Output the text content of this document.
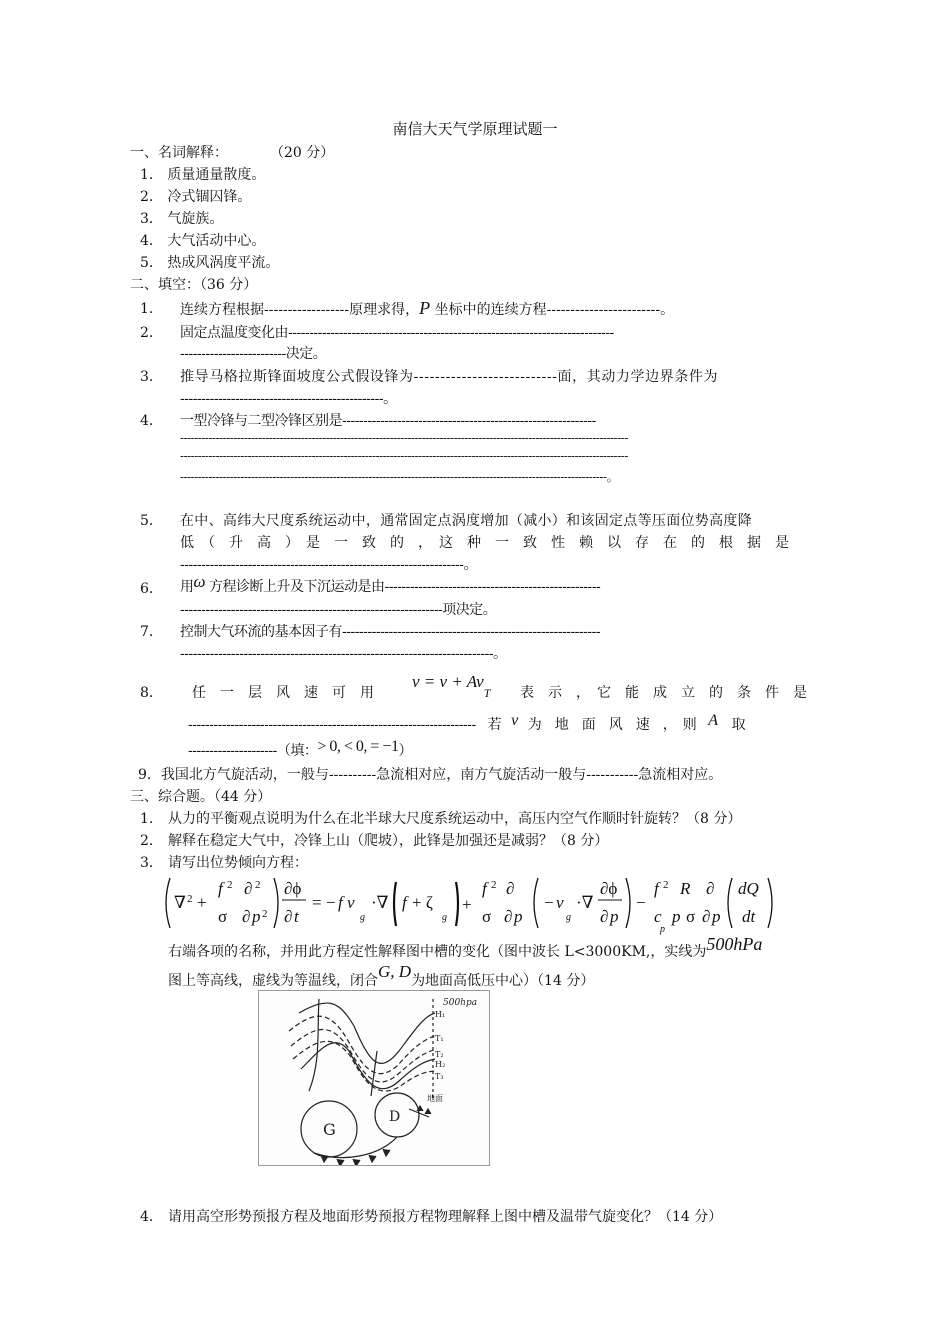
南信大天气学原理试题一
一、名词解释：	（20 分）
1． 质量通量散度。
2． 冷式锢囚锋。
3． 气旋族。
4． 大气活动中心。
5． 热成风涡度平流。
二、填空：（36 分）
1． 连续方程根据------------------原理求得，P 坐标中的连续方程------------------------。
2． 固定点温度变化由-----------------------------------------------------------------------------
-------------------------决定。
3． 推导马格拉斯锋面坡度公式假设锋为---------------------------面，其动力学边界条件为
------------------------------------------------。
4． 一型冷锋与二型冷锋区别是------------------------------------------------------------
------------------------------------------------------------------------------------------------------------------------------
------------------------------------------------------------------------------------------------------------------------------
------------------------------------------------------------------------------------------------------------------------。
5． 在中、高纬大尺度系统运动中，通常固定点涡度增加（减小）和该固定点等压面位势高度降
低　（　升　高　）　是　一　致　的　，　这　种　一　致　性　赖　以　存　在　的　根　据　是
-------------------------------------------------------------------。
6． 用ω 方程诊断上升及下沉运动是由---------------------------------------------------
--------------------------------------------------------------项决定。
7． 控制大气环流的基本因子有-------------------------------------------------------------
--------------------------------------------------------------------------。
8． 任　一　层　风　速　可　用
$v = v + Av_T$ 表　示　，　它　能　成　立　的　条　件　是
-------------------------------------------------------------------- 若 v 为　地　面　风　速　，　则 A 取
---------------------（填：> 0, < 0, = −1）
9．我国北方气旋活动，一般与----------急流相对应，南方气旋活动一般与-----------急流相对应。
三、综合题。（44 分）
1． 从力的平衡观点说明为什么在北半球大尺度系统运动中，高压内空气作顺时针旋转？（8 分）
2． 解释在稳定大气中，冷锋上山（爬坡），此锋是加强还是减弱？（8 分）
3． 请写出位势倾向方程：
∇ 2 +
f 2 ∂ 2
σ ∂ p 2
∂ϕ
∂ t
= − f v
g
·∇ f + ζ
g
+
f 2 ∂
σ ∂ p
− v
g
·∇
∂ϕ
∂ p
−
f 2 R ∂
c
p
p σ ∂ p
dQ
dt
右端各项的名称，并用此方程定性解释图中槽的变化（图中波长 L<3000KM,，实线为500hPa
图上等高线，虚线为等温线，闭合G, D为地面高低压中心）（14 分）
500hpa
H₁
T₁
T₂
H₂
T₃
地面
G
D
4． 请用高空形势预报方程及地面形势预报方程物理解释上图中槽及温带气旋变化？（14 分）
